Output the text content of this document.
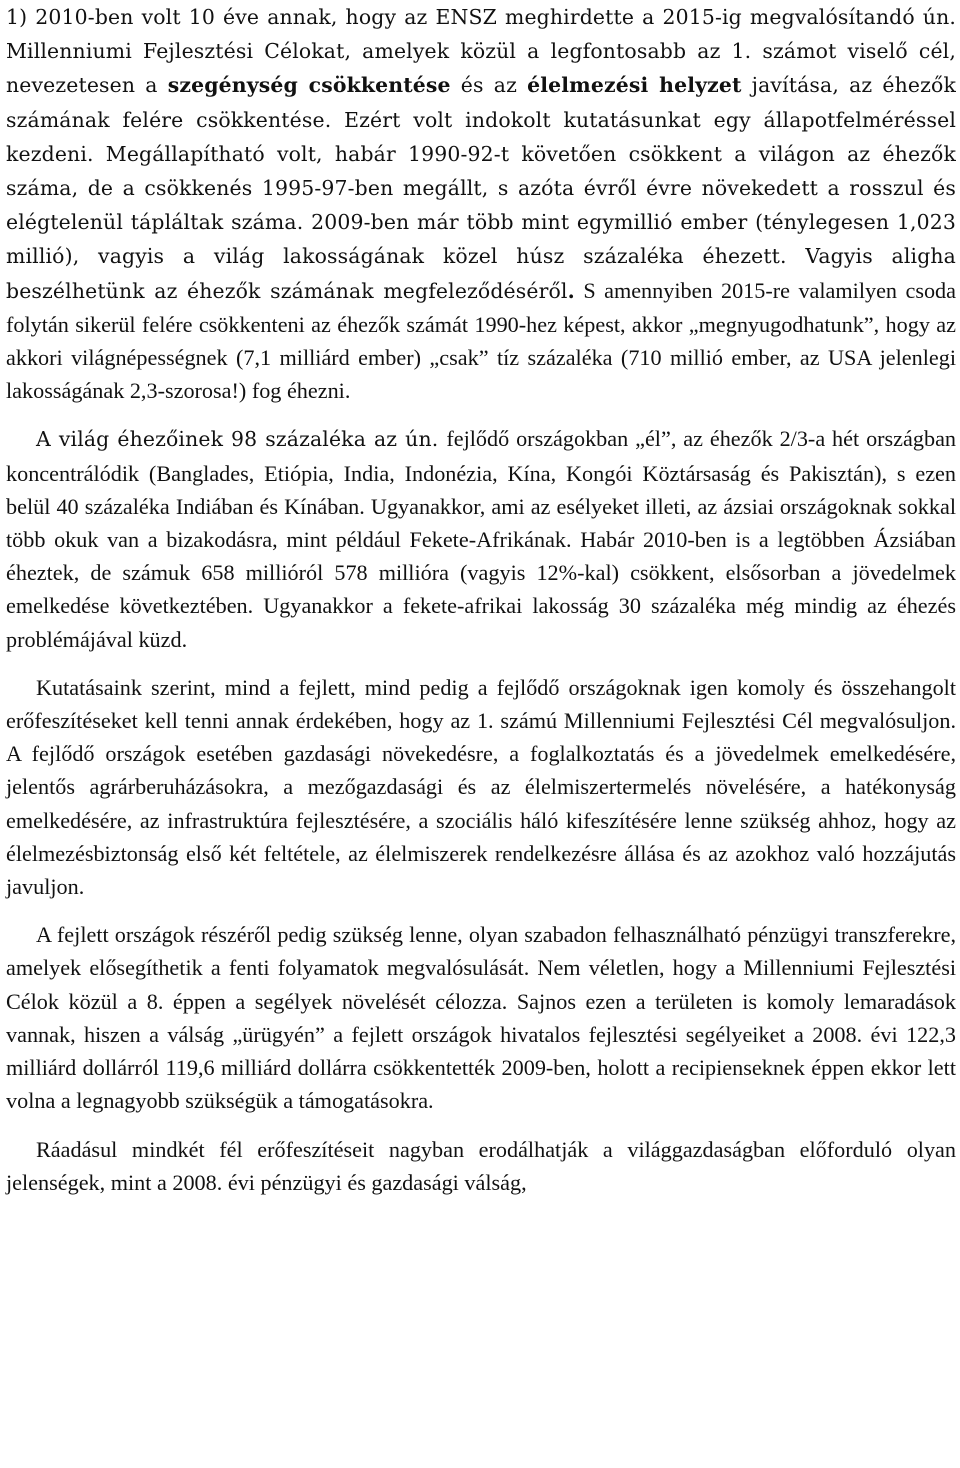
1) 2010-ben volt 10 éve annak, hogy az ENSZ meghirdette a 2015-ig megvalósítandó ún. Millenniumi Fejlesztési Célokat, amelyek közül a legfontosabb az 1. számot viselő cél, nevezetesen a szegénység csökkentése és az élelmezési helyzet javítása, az éhezők számának felére csökkentése. Ezért volt indokolt kutatásunkat egy állapotfelméréssel kezdeni. Megállapítható volt, habár 1990-92-t követően csökkent a világon az éhezők száma, de a csökkenés 1995-97-ben megállt, s azóta évről évre növekedett a rosszul és elégtelenül tápláltak száma. 2009-ben már több mint egymillió ember (ténylegesen 1,023 millió), vagyis a világ lakosságának közel húsz százaléka éhezett. Vagyis aligha beszélhetünk az éhezők számának megfeleződéséről. S amennyiben 2015-re valamilyen csoda folytán sikerül felére csökkenteni az éhezők számát 1990-hez képest, akkor „megnyugodhatunk”, hogy az akkori világnépességnek (7,1 milliárd ember) „csak” tíz százaléka (710 millió ember, az USA jelenlegi lakosságának 2,3-szorosa!) fog éhezni.

A világ éhezőinek 98 százaléka az ún. fejlődő országokban „él”, az éhezők 2/3-a hét országban koncentrálódik (Banglades, Etiópia, India, Indonézia, Kína, Kongói Köztársaság és Pakisztán), s ezen belül 40 százaléka Indiában és Kínában. Ugyanakkor, ami az esélyeket illeti, az ázsiai országoknak sokkal több okuk van a bizakodásra, mint például Fekete-Afrikának. Habár 2010-ben is a legtöbben Ázsiában éheztek, de számuk 658 millióról 578 millióra (vagyis 12%-kal) csökkent, elsősorban a jövedelmek emelkedése következtében. Ugyanakkor a fekete-afrikai lakosság 30 százaléka még mindig az éhezés problémájával küzd.

Kutatásaink szerint, mind a fejlett, mind pedig a fejlődő országoknak igen komoly és összehangolt erőfeszítéseket kell tenni annak érdekében, hogy az 1. számú Millenniumi Fejlesztési Cél megvalósuljon. A fejlődő országok esetében gazdasági növekedésre, a foglalkoztatás és a jövedelmek emelkedésére, jelentős agrárberuházásokra, a mezőgazdasági és az élelmiszertermelés növelésére, a hatékonyság emelkedésére, az infrastruktúra fejlesztésére, a szociális háló kifeszítésére lenne szükség ahhoz, hogy az élelmezésbiztonság első két feltétele, az élelmiszerek rendelkezésre állása és az azokhoz való hozzájutás javuljon.

A fejlett országok részéről pedig szükség lenne, olyan szabadon felhasználható pénzügyi transzferekre, amelyek elősegíthetik a fenti folyamatok megvalósulását. Nem véletlen, hogy a Millenniumi Fejlesztési Célok közül a 8. éppen a segélyek növelését célozza. Sajnos ezen a területen is komoly lemaradások vannak, hiszen a válság „ürügyén” a fejlett országok hivatalos fejlesztési segélyeiket a 2008. évi 122,3 milliárd dollárról 119,6 milliárd dollárra csökkentették 2009-ben, holott a recipienseknek éppen ekkor lett volna a legnagyobb szükségük a támogatásokra.

Ráadásul mindkét fél erőfeszítéseit nagyban erodálhatják a világgazdaságban előforduló olyan jelenségek, mint a 2008. évi pénzügyi és gazdasági válság,
